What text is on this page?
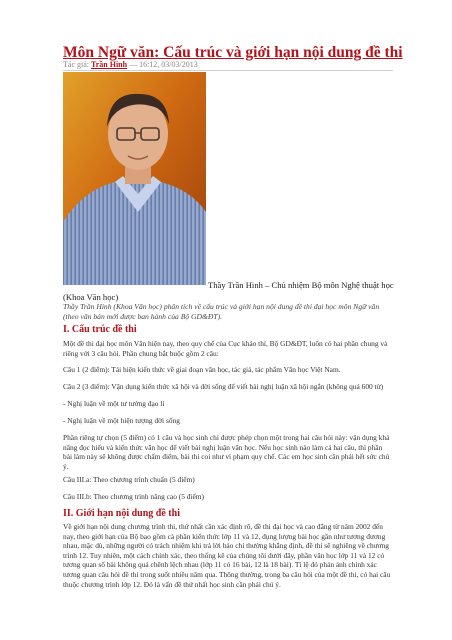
Môn Ngữ văn: Cấu trúc và giới hạn nội dung đề thi
Tác giả: Trần Hinh — 16:12, 03/03/2013
Thầy Trần Hinh – Chủ nhiệm Bộ môn Nghệ thuật học
(Khoa Văn học)
Thầy Trần Hinh (Khoa Văn học) phân tích về cấu trúc và giới hạn nội dung đề thi đại học môn Ngữ văn (theo văn bản mới được ban hành của Bộ GD&ĐT).
I. Cấu trúc đề thi
Một đề thi đại học môn Văn hiện nay, theo quy chế của Cục khảo thí, Bộ GD&ĐT, luôn có hai phần chung và riêng với 3 câu hỏi. Phần chung bắt buộc gồm 2 câu:
Câu 1 (2 điểm): Tái hiện kiến thức về giai đoạn văn học, tác giả, tác phẩm Văn học Việt Nam.
Câu 2 (3 điểm): Vận dụng kiến thức xã hội và đời sống để viết bài nghị luận xã hội ngắn (không quá 600 từ)
- Nghị luận về một tư tưởng đạo lí
- Nghị luận về một hiện tượng đời sống
Phần riêng tự chọn (5 điểm) có 1 câu và học sinh chỉ được phép chọn một trong hai câu hỏi này: vận dụng khả năng đọc hiểu và kiến thức văn học để viết bài nghị luận văn học. Nếu học sinh nào làm cả hai câu, thì phần bài làm này sẽ không được chấm điểm, bài thi coi như vi phạm quy chế. Các em học sinh cần phải hết sức chú ý.
Câu III.a: Theo chương trình chuẩn (5 điểm)
Câu III.b: Theo chương trình nâng cao (5 điểm)
II. Giới hạn nội dung đề thi
Về giới hạn nội dung chương trình thi, thứ nhất cần xác định rõ, đề thi đại học và cao đẳng từ năm 2002 đến nay, theo giới hạn của Bộ bao gồm cả phần kiến thức lớp 11 và 12, đụng lượng bài học gần như tương đương nhau, mặc dù, những người có trách nhiệm khi trả lời báo chí thường khẳng định, đề thi sẽ nghiêng về chương trình 12. Tuy nhiên, một cách chính xác, theo thống kê của chúng tôi dưới đây, phần văn học lớp 11 và 12 có tương quan số bài không quá chênh lệch nhau (lớp 11 có 16 bài, 12 là 18 bài). Tỉ lệ đó phản ánh chính xác tương quan câu hỏi đề thi trong suốt nhiều năm qua. Thông thường, trong ba câu hỏi của một đề thi, có hai câu thuộc chương trình lớp 12. Đó là vấn đề thứ nhất học sinh cần phải chú ý.
